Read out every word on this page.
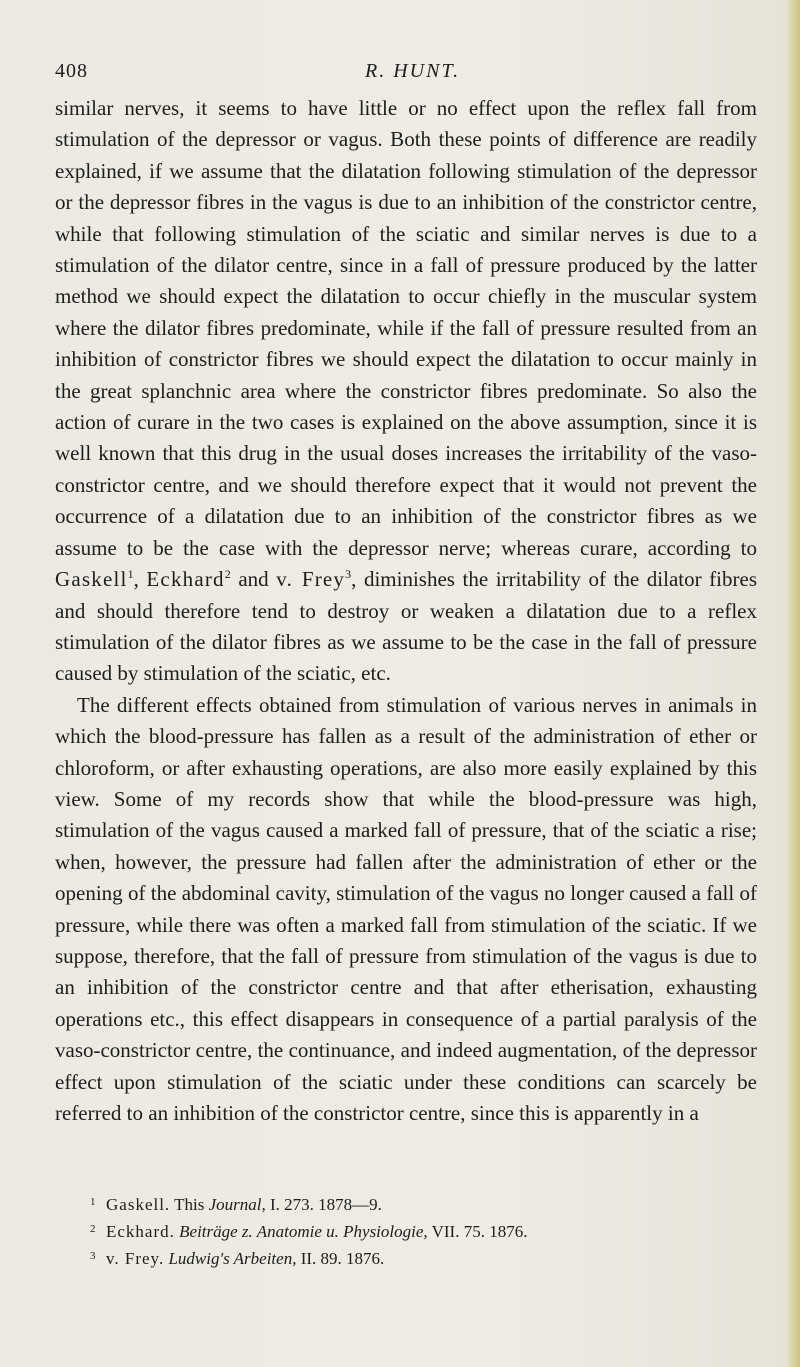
408	R. HUNT.

similar nerves, it seems to have little or no effect upon the reflex fall from stimulation of the depressor or vagus. Both these points of difference are readily explained, if we assume that the dilatation following stimulation of the depressor or the depressor fibres in the vagus is due to an inhibition of the constrictor centre, while that following stimulation of the sciatic and similar nerves is due to a stimulation of the dilator centre, since in a fall of pressure produced by the latter method we should expect the dilatation to occur chiefly in the muscular system where the dilator fibres predominate, while if the fall of pressure resulted from an inhibition of constrictor fibres we should expect the dilatation to occur mainly in the great splanchnic area where the constrictor fibres predominate. So also the action of curare in the two cases is explained on the above assumption, since it is well known that this drug in the usual doses increases the irritability of the vaso-constrictor centre, and we should therefore expect that it would not prevent the occurrence of a dilatation due to an inhibition of the constrictor fibres as we assume to be the case with the depressor nerve; whereas curare, according to Gaskell$^1$, Eckhard$^2$ and v. Frey$^3$, diminishes the irritability of the dilator fibres and should therefore tend to destroy or weaken a dilatation due to a reflex stimulation of the dilator fibres as we assume to be the case in the fall of pressure caused by stimulation of the sciatic, etc.

The different effects obtained from stimulation of various nerves in animals in which the blood-pressure has fallen as a result of the administration of ether or chloroform, or after exhausting operations, are also more easily explained by this view. Some of my records show that while the blood-pressure was high, stimulation of the vagus caused a marked fall of pressure, that of the sciatic a rise; when, however, the pressure had fallen after the administration of ether or the opening of the abdominal cavity, stimulation of the vagus no longer caused a fall of pressure, while there was often a marked fall from stimulation of the sciatic. If we suppose, therefore, that the fall of pressure from stimulation of the vagus is due to an inhibition of the constrictor centre and that after etherisation, exhausting operations etc., this effect disappears in consequence of a partial paralysis of the vaso-constrictor centre, the continuance, and indeed augmentation, of the depressor effect upon stimulation of the sciatic under these conditions can scarcely be referred to an inhibition of the constrictor centre, since this is apparently in a

1 Gaskell. This Journal, I. 273. 1878—9.
2 Eckhard. Beiträge z. Anatomie u. Physiologie, VII. 75. 1876.
3 v. Frey. Ludwig's Arbeiten, II. 89. 1876.
